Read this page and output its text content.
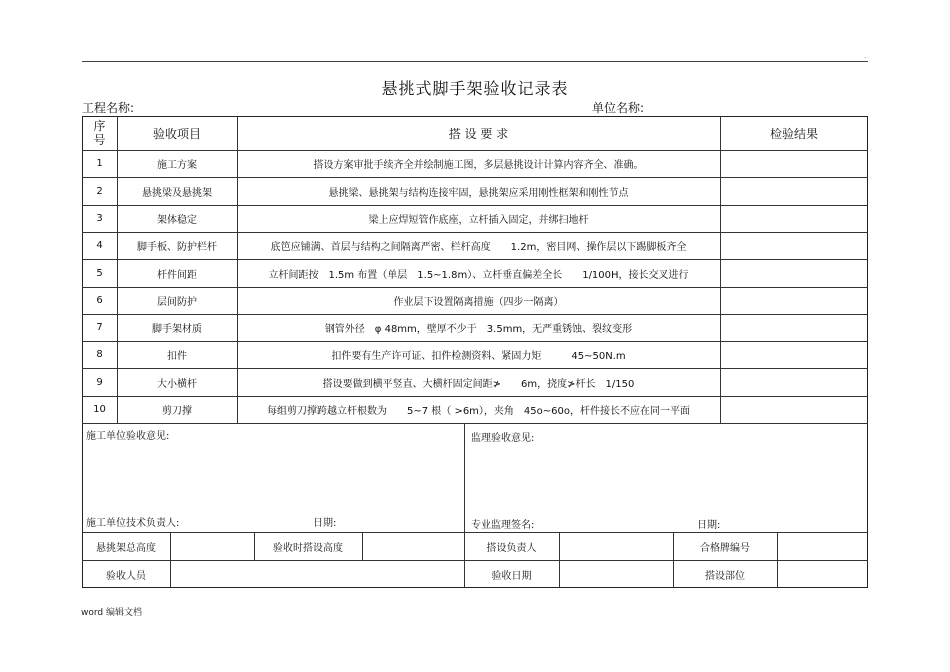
.
悬挑式脚手架验收记录表
工程名称:	单位名称:
序号	验收项目	搭 设 要 求	检验结果
1	施工方案	搭设方案审批手续齐全并绘制施工图，多层悬挑设计计算内容齐全、准确。
2	悬挑梁及悬挑架	悬挑梁、悬挑架与结构连接牢固，悬挑架应采用刚性框架和刚性节点
3	架体稳定	梁上应焊短管作底座，立杆插入固定，并绑扫地杆
4	脚手板、防护栏杆	底笆应铺满、首层与结构之间隔离严密、栏杆高度　　1.2m，密目网、操作层以下踢脚板齐全
5	杆件间距	立杆间距按　1.5m 布置（单层　1.5~1.8m）、立杆垂直偏差全长　　1/100H，接长交叉进行
6	层间防护	作业层下设置隔离措施（四步一隔离）
7	脚手架材质	钢管外径　φ 48mm，壁厚不少于　3.5mm，无严重锈蚀、裂纹变形
8	扣件	扣件要有生产许可证、扣件检测资料、紧固力矩　　　45~50N.m
9	大小横杆	搭设要做到横平竖直、大横杆固定间距≯　　6m，挠度≯杆长　1/150
10	剪刀撑	每组剪刀撑跨越立杆根数为　　5~7 根（ >6m），夹角　45o~60o，杆件接长不应在同一平面
施工单位验收意见:	监理验收意见:
施工单位技术负责人:	日期:	专业监理签名:	日期:
悬挑架总高度	验收时搭设高度	搭设负责人	合格牌编号
验收人员	验收日期	搭设部位
word 编辑文档
